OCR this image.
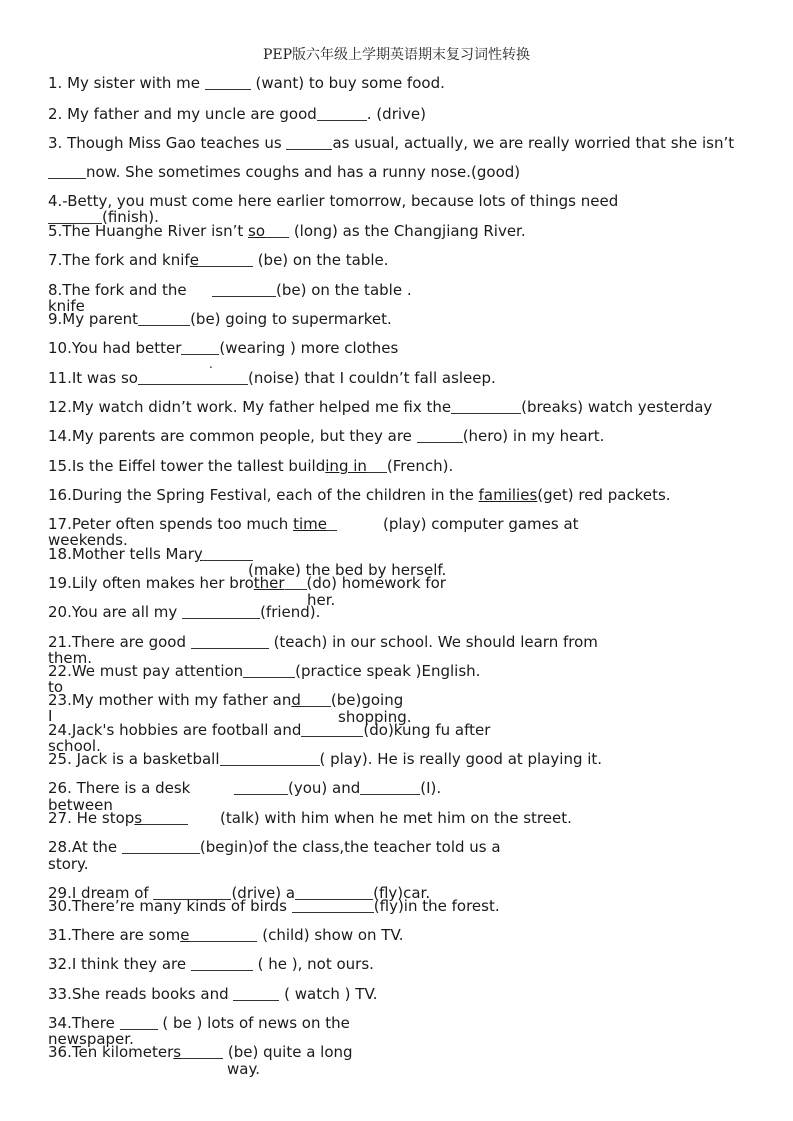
PEP版六年级上学期英语期末复习词性转换
1. My sister with me	(want) to buy some food.
2. My father and my uncle are good	. (drive)
3. Though Miss Gao teaches us	as usual, actually, we are really worried that she isn’t
now. She sometimes coughs and has a runny nose.(good)
4.-Betty, you must come here earlier tomorrow, because lots of things need
(finish).
5.The Huanghe River isn’t so (long) as the Changjiang River.
7.The fork and knife	(be) on the table.
8.The fork and the
knife
(be) on the table .
9.My parent	(be) going to supermarket.
10.You had better	(wearing ) more clothes
.
11.It was so	(noise) that I couldn’t fall asleep.
12.My watch didn’t work. My father helped me fix the	(breaks) watch yesterday
14.My parents are common people, but they are	(hero) in my heart.
15.Is the Eiffel tower the tallest building in (French).
16.During the Spring Festival, each of the children in the families(get) red packets.
17.Peter often spends too much time	(play) computer games at
weekends.
18.Mother tells Mary
(make) the bed by herself.
19.Lily often makes her brother (do) homework for
her.
20.You are all my	(friend).
21.There are good	(teach) in our school. We should learn from
them.
22.We must pay attention	(practice speak )English.
to
23.My mother with my father and (be)going
I	shopping.
24.Jack's hobbies are football and	(do)kung fu after
school.
25. Jack is a basketball	( play). He is really good at playing it.
26. There is a desk
between
(you) and	(I).
27. He stops	(talk) with him when he met him on the street.
28.At the	(begin)of the class,the teacher told us a
story.
29.I dream of	(drive) a	(fly)car.
30.There’re many kinds of birds	(fly)in the forest.
31.There are some	(child) show on TV.
32.I think they are	( he ), not ours.
33.She reads books and	( watch ) TV.
34.There	( be ) lots of news on the
newspaper.
36.Ten kilometers	(be) quite a long
way.
